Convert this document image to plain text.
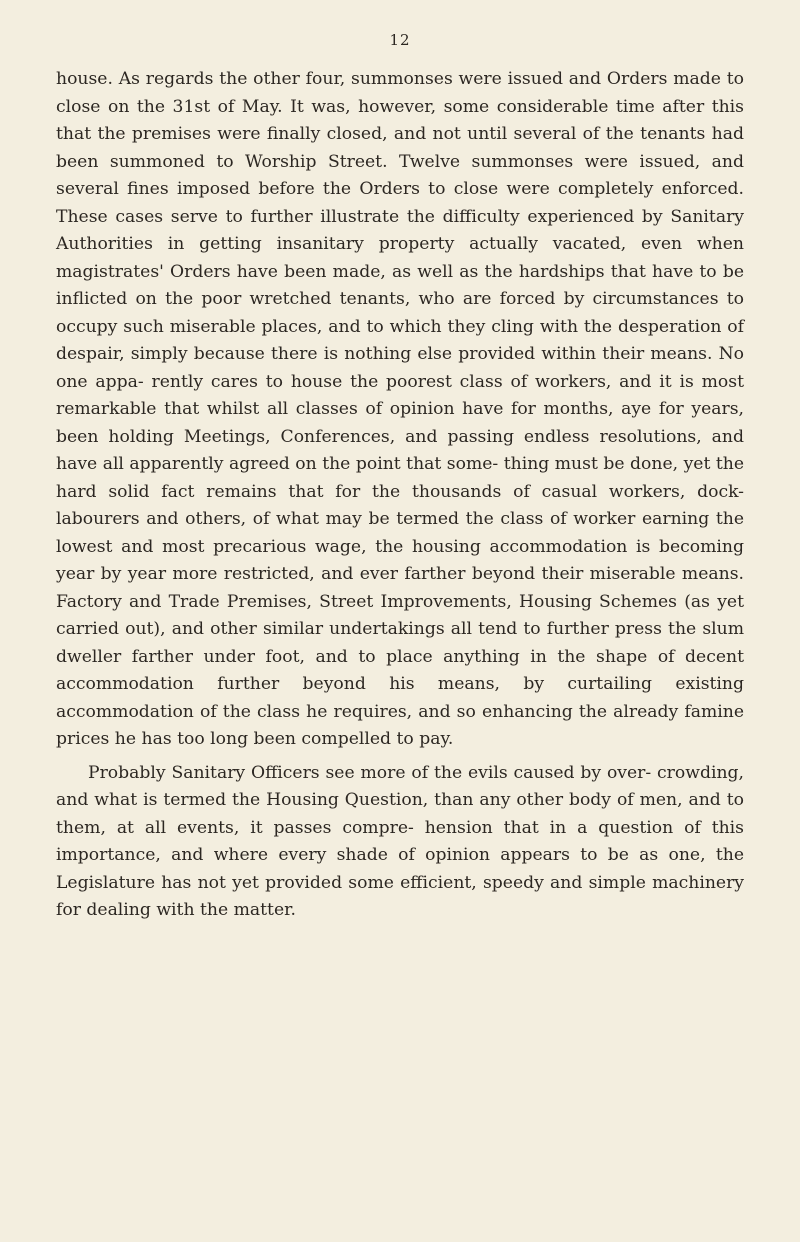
12

house. As regards the other four, summonses were issued and Orders made to close on the 31st of May. It was, however, some considerable time after this that the premises were finally closed, and not until several of the tenants had been summoned to Worship Street. Twelve summonses were issued, and several fines imposed before the Orders to close were completely enforced. These cases serve to further illustrate the difficulty experienced by Sanitary Authorities in getting insanitary property actually vacated, even when magistrates' Orders have been made, as well as the hardships that have to be inflicted on the poor wretched tenants, who are forced by circumstances to occupy such miserable places, and to which they cling with the desperation of despair, simply because there is nothing else provided within their means. No one appa- rently cares to house the poorest class of workers, and it is most remarkable that whilst all classes of opinion have for months, aye for years, been holding Meetings, Conferences, and passing endless resolutions, and have all apparently agreed on the point that some- thing must be done, yet the hard solid fact remains that for the thousands of casual workers, dock-labourers and others, of what may be termed the class of worker earning the lowest and most precarious wage, the housing accommodation is becoming year by year more restricted, and ever farther beyond their miserable means. Factory and Trade Premises, Street Improvements, Housing Schemes (as yet carried out), and other similar undertakings all tend to further press the slum dweller farther under foot, and to place anything in the shape of decent accommodation further beyond his means, by curtailing existing accommodation of the class he requires, and so enhancing the already famine prices he has too long been compelled to pay.

Probably Sanitary Officers see more of the evils caused by over- crowding, and what is termed the Housing Question, than any other body of men, and to them, at all events, it passes compre- hension that in a question of this importance, and where every shade of opinion appears to be as one, the Legislature has not yet provided some efficient, speedy and simple machinery for dealing with the matter.
